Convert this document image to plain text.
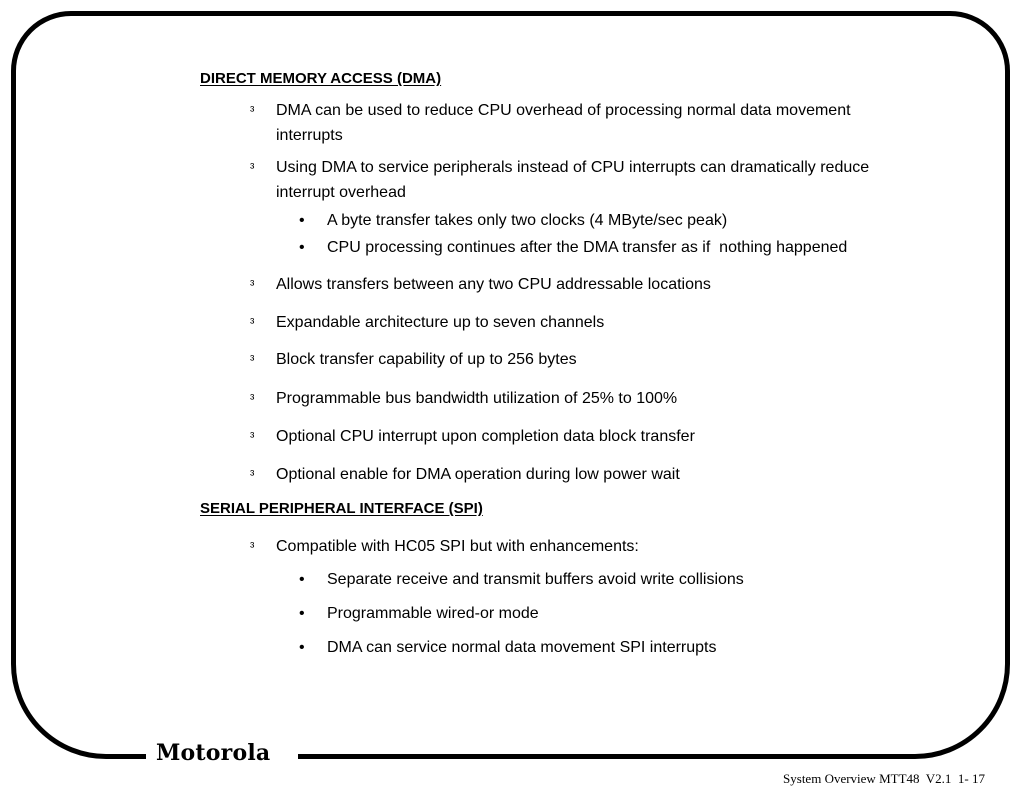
Motorola
System Overview MTT48  V2.1  1- 17
DIRECT MEMORY ACCESS (DMA)
³ DMA can be used to reduce CPU overhead of processing normal data movement interrupts
³ Using DMA to service peripherals instead of CPU interrupts can dramatically reduce interrupt overhead
• A byte transfer takes only two clocks (4 MByte/sec peak)
• CPU processing continues after the DMA transfer as if  nothing happened
³ Allows transfers between any two CPU addressable locations
³ Expandable architecture up to seven channels
³ Block transfer capability of up to 256 bytes
³ Programmable bus bandwidth utilization of 25% to 100%
³ Optional CPU interrupt upon completion data block transfer
³ Optional enable for DMA operation during low power wait
SERIAL PERIPHERAL INTERFACE (SPI)
³ Compatible with HC05 SPI but with enhancements:
• Separate receive and transmit buffers avoid write collisions
• Programmable wired-or mode
• DMA can service normal data movement SPI interrupts
